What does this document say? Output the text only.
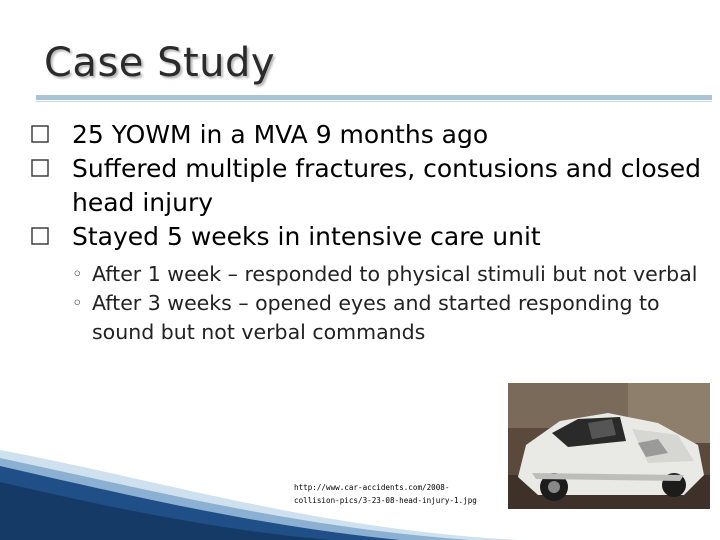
Case Study
25 YOWM in a MVA 9 months ago
Suffered multiple fractures, contusions and closed head injury
Stayed 5 weeks in intensive care unit
◦ After 1 week – responded to physical stimuli but not verbal
◦ After 3 weeks – opened eyes and started responding to sound but not verbal commands
http://www.car-accidents.com/2008-collision-pics/3-23-08-head-injury-1.jpg
